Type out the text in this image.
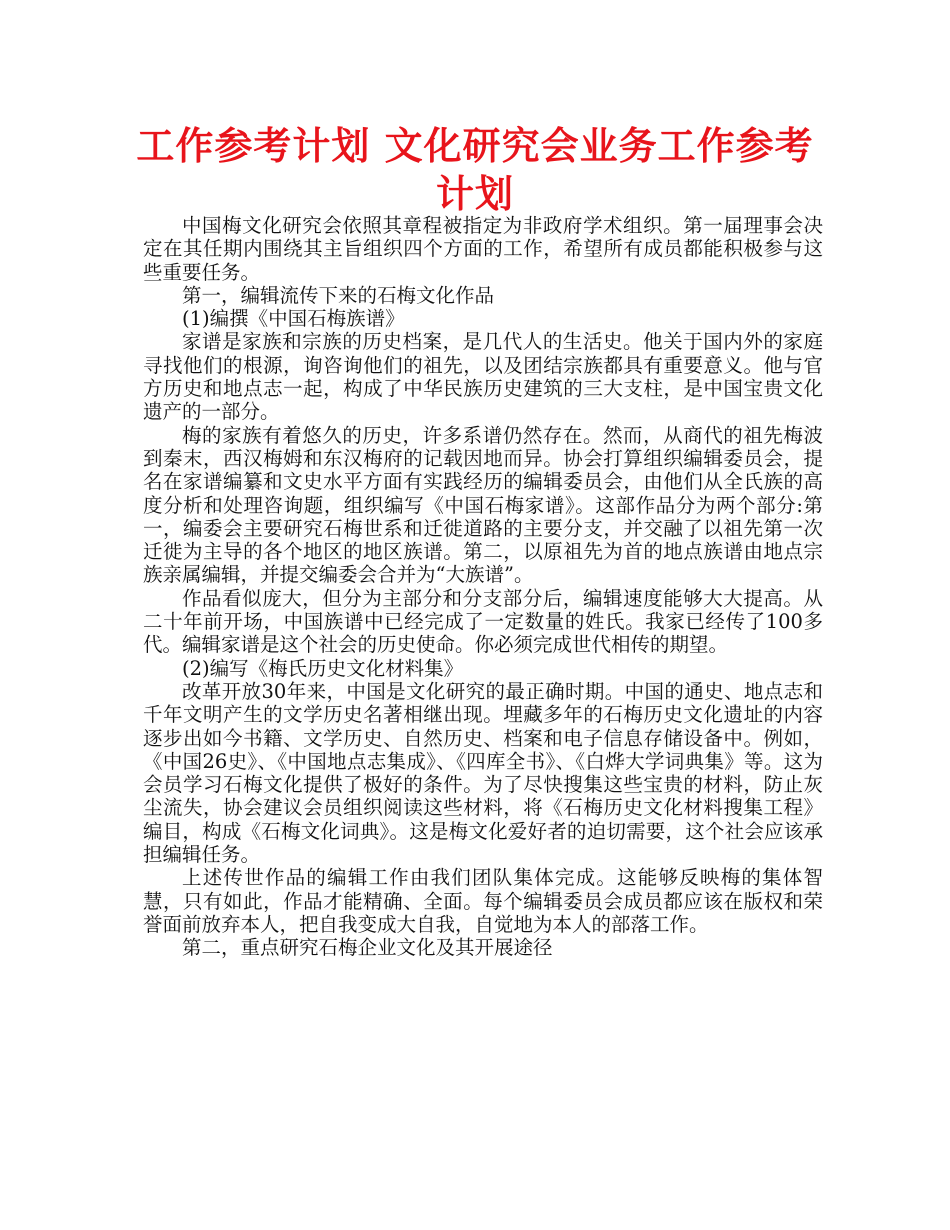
工作参考计划 文化研究会业务工作参考计划

中国梅文化研究会依照其章程被指定为非政府学术组织。第一届理事会决定在其任期内围绕其主旨组织四个方面的工作，希望所有成员都能积极参与这些重要任务。

第一，编辑流传下来的石梅文化作品

(1)编撰《中国石梅族谱》

家谱是家族和宗族的历史档案，是几代人的生活史。他关于国内外的家庭寻找他们的根源，询咨询他们的祖先，以及团结宗族都具有重要意义。他与官方历史和地点志一起，构成了中华民族历史建筑的三大支柱，是中国宝贵文化遗产的一部分。

梅的家族有着悠久的历史，许多系谱仍然存在。然而，从商代的祖先梅波到秦末，西汉梅姆和东汉梅府的记载因地而异。协会打算组织编辑委员会，提名在家谱编纂和文史水平方面有实践经历的编辑委员会，由他们从全氏族的高度分析和处理咨询题，组织编写《中国石梅家谱》。这部作品分为两个部分:第一，编委会主要研究石梅世系和迁徙道路的主要分支，并交融了以祖先第一次迁徙为主导的各个地区的地区族谱。第二，以原祖先为首的地点族谱由地点宗族亲属编辑，并提交编委会合并为“大族谱”。

作品看似庞大，但分为主部分和分支部分后，编辑速度能够大大提高。从二十年前开场，中国族谱中已经完成了一定数量的姓氏。我家已经传了100多代。编辑家谱是这个社会的历史使命。你必须完成世代相传的期望。

(2)编写《梅氏历史文化材料集》

改革开放30年来，中国是文化研究的最正确时期。中国的通史、地点志和千年文明产生的文学历史名著相继出现。埋藏多年的石梅历史文化遗址的内容逐步出如今书籍、文学历史、自然历史、档案和电子信息存储设备中。例如，《中国26史》、《中国地点志集成》、《四库全书》、《白烨大学词典集》等。这为会员学习石梅文化提供了极好的条件。为了尽快搜集这些宝贵的材料，防止灰尘流失，协会建议会员组织阅读这些材料，将《石梅历史文化材料搜集工程》编目，构成《石梅文化词典》。这是梅文化爱好者的迫切需要，这个社会应该承担编辑任务。

上述传世作品的编辑工作由我们团队集体完成。这能够反映梅的集体智慧，只有如此，作品才能精确、全面。每个编辑委员会成员都应该在版权和荣誉面前放弃本人，把自我变成大自我，自觉地为本人的部落工作。

第二，重点研究石梅企业文化及其开展途径
